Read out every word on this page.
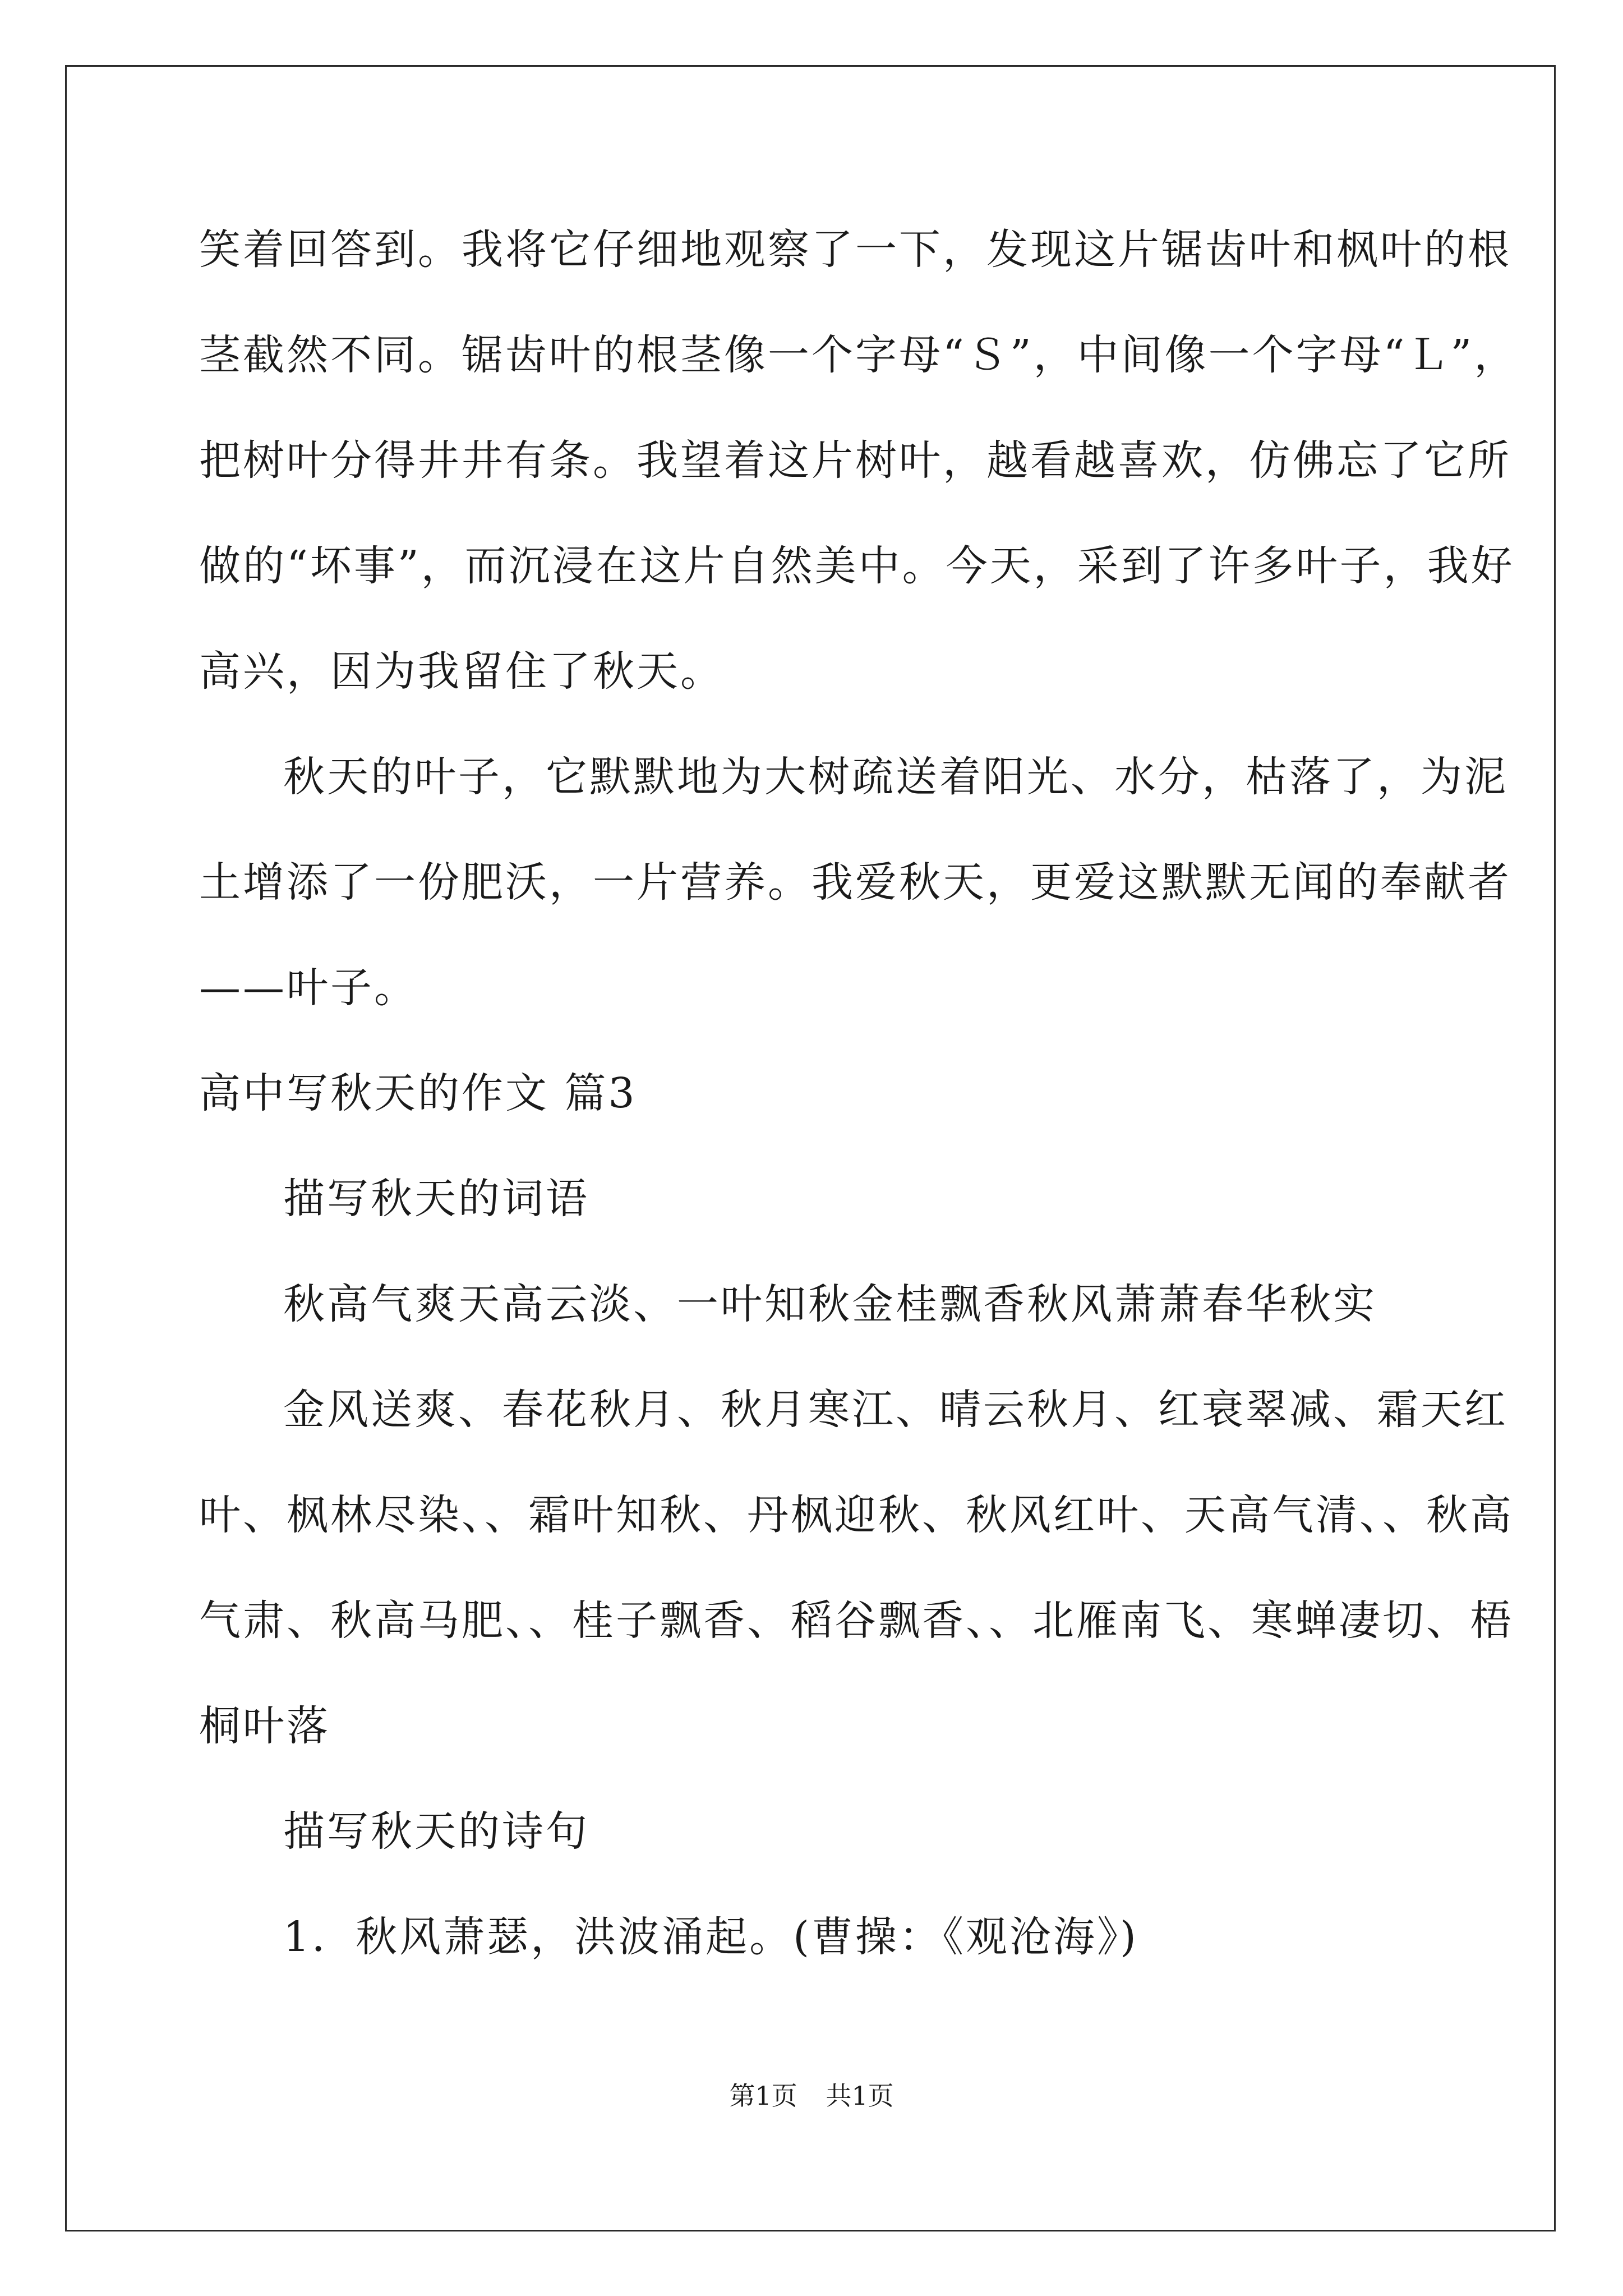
笑着回答到。我将它仔细地观察了一下，发现这片锯齿叶和枫叶的根
茎截然不同。锯齿叶的根茎像一个字母“Ｓ”，中间像一个字母“Ｌ”，
把树叶分得井井有条。我望着这片树叶，越看越喜欢，仿佛忘了它所
做的“坏事”，而沉浸在这片自然美中。今天，采到了许多叶子，我好
高兴，因为我留住了秋天。
秋天的叶子，它默默地为大树疏送着阳光、水分，枯落了，为泥
土增添了一份肥沃，一片营养。我爱秋天，更爱这默默无闻的奉献者
——叶子。
高中写秋天的作文 篇3
描写秋天的词语
秋高气爽天高云淡、一叶知秋金桂飘香秋风萧萧春华秋实
金风送爽、春花秋月、秋月寒江、晴云秋月、红衰翠减、霜天红
叶、枫林尽染、、霜叶知秋、丹枫迎秋、秋风红叶、天高气清、、秋高
气肃、秋高马肥、、桂子飘香、稻谷飘香、、北雁南飞、寒蝉凄切、梧
桐叶落
描写秋天的诗句
1．秋风萧瑟，洪波涌起。(曹操：《观沧海》)
第1页 共1页
